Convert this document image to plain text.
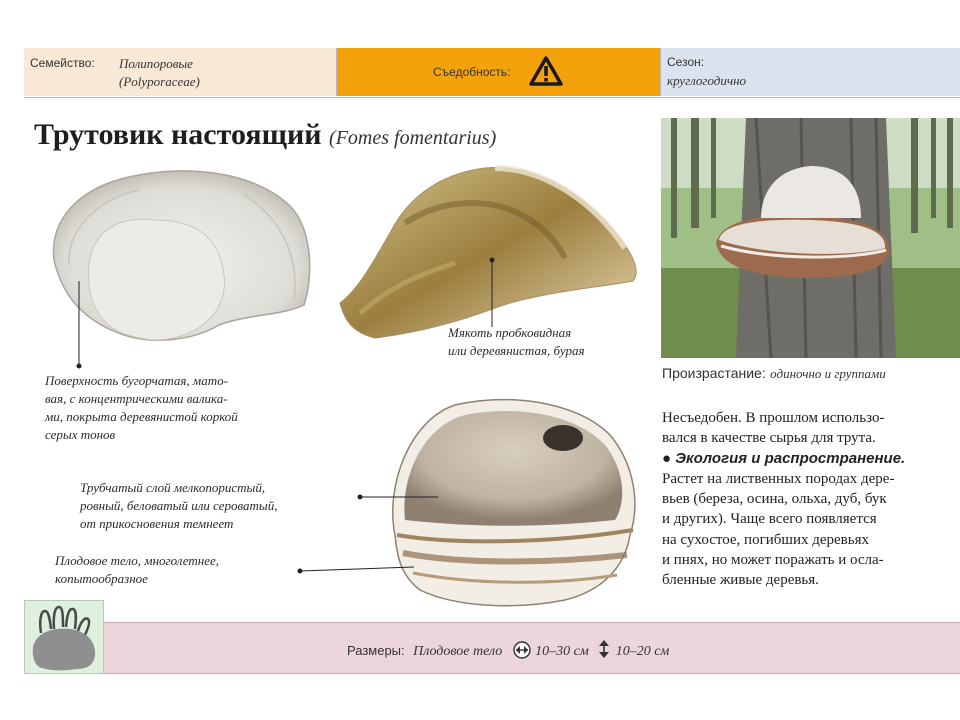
Семейство: Полипоровые
(Polyporaceae)
Съедобность:
Сезон:
круглогодично
Трутовик настоящий (Fomes fomentarius)
Мякоть пробковидная
или деревянистая, бурая
Поверхность бугорчатая, мато-
вая, с концентрическими валика-
ми, покрыта деревянистой коркой
серых тонов
Трубчатый слой мелкопористый,
ровный, беловатый или сероватый,
от прикосновения темнеет
Плодовое тело, многолетнее,
копытообразное
Произрастание: одиночно и группами
Несъедобен. В прошлом использо-
вался в качестве сырья для трута.
● Экология и распространение.
Растет на лиственных породах дере-
вьев (береза, осина, ольха, дуб, бук
и других). Чаще всего появляется
на сухостое, погибших деревьях
и пнях, но может поражать и осла-
бленные живые деревья.
Размеры: Плодовое тело 10–30 см 10–20 см
